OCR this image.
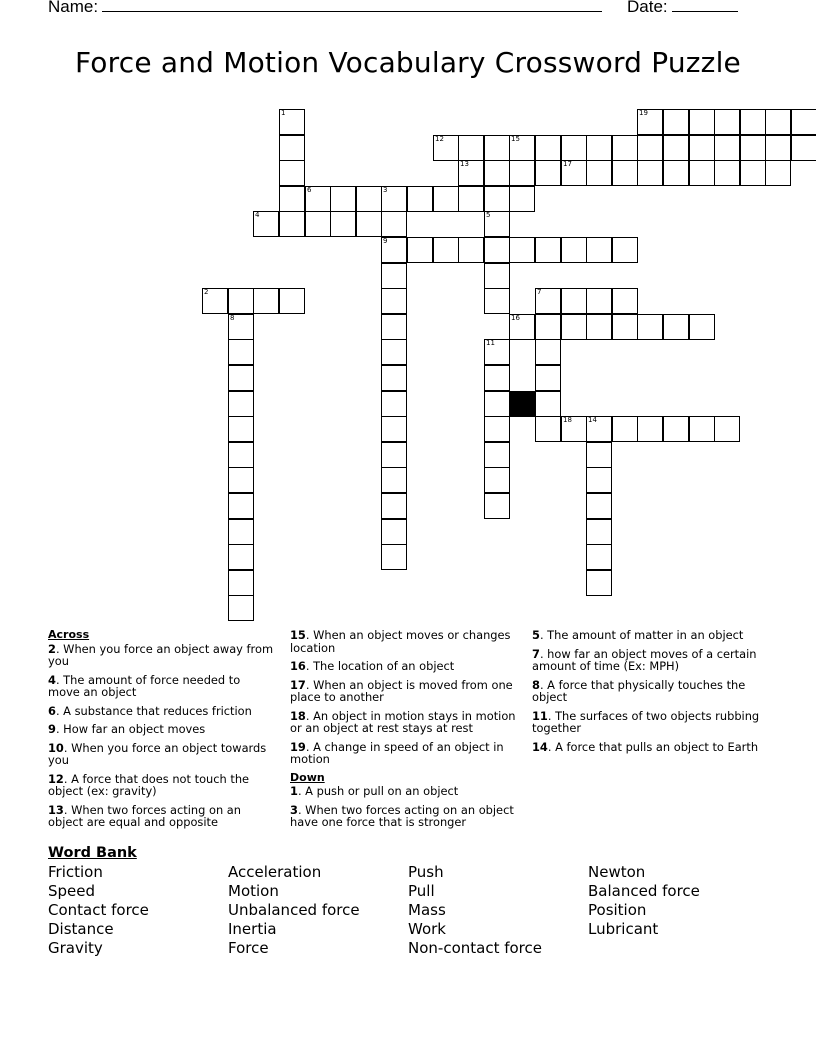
Name:	Date:
Force and Motion Vocabulary Crossword Puzzle
2
4
6	3
9
7
12	15
13	17
16
18 14
19
1
5
8
11
Across
2. When you force an object away from you
4. The amount of force needed to move an object
6. A substance that reduces friction
9. How far an object moves
10. When you force an object towards you
12. A force that does not touch the object (ex: gravity)
13. When two forces acting on an object are equal and opposite
15. When an object moves or changes location
16. The location of an object
17. When an object is moved from one place to another
18. An object in motion stays in motion or an object at rest stays at rest
19. A change in speed of an object in motion
Down
1. A push or pull on an object
3. When two forces acting on an object have one force that is stronger
5. The amount of matter in an object
7. how far an object moves of a certain amount of time (Ex: MPH)
8. A force that physically touches the object
11. The surfaces of two objects rubbing together
14. A force that pulls an object to Earth
Word Bank
Friction
Speed
Contact force
Distance
Gravity
Acceleration
Motion
Unbalanced force
Inertia
Force
Push
Pull
Mass
Work
Non-contact force
Newton
Balanced force
Position
Lubricant
